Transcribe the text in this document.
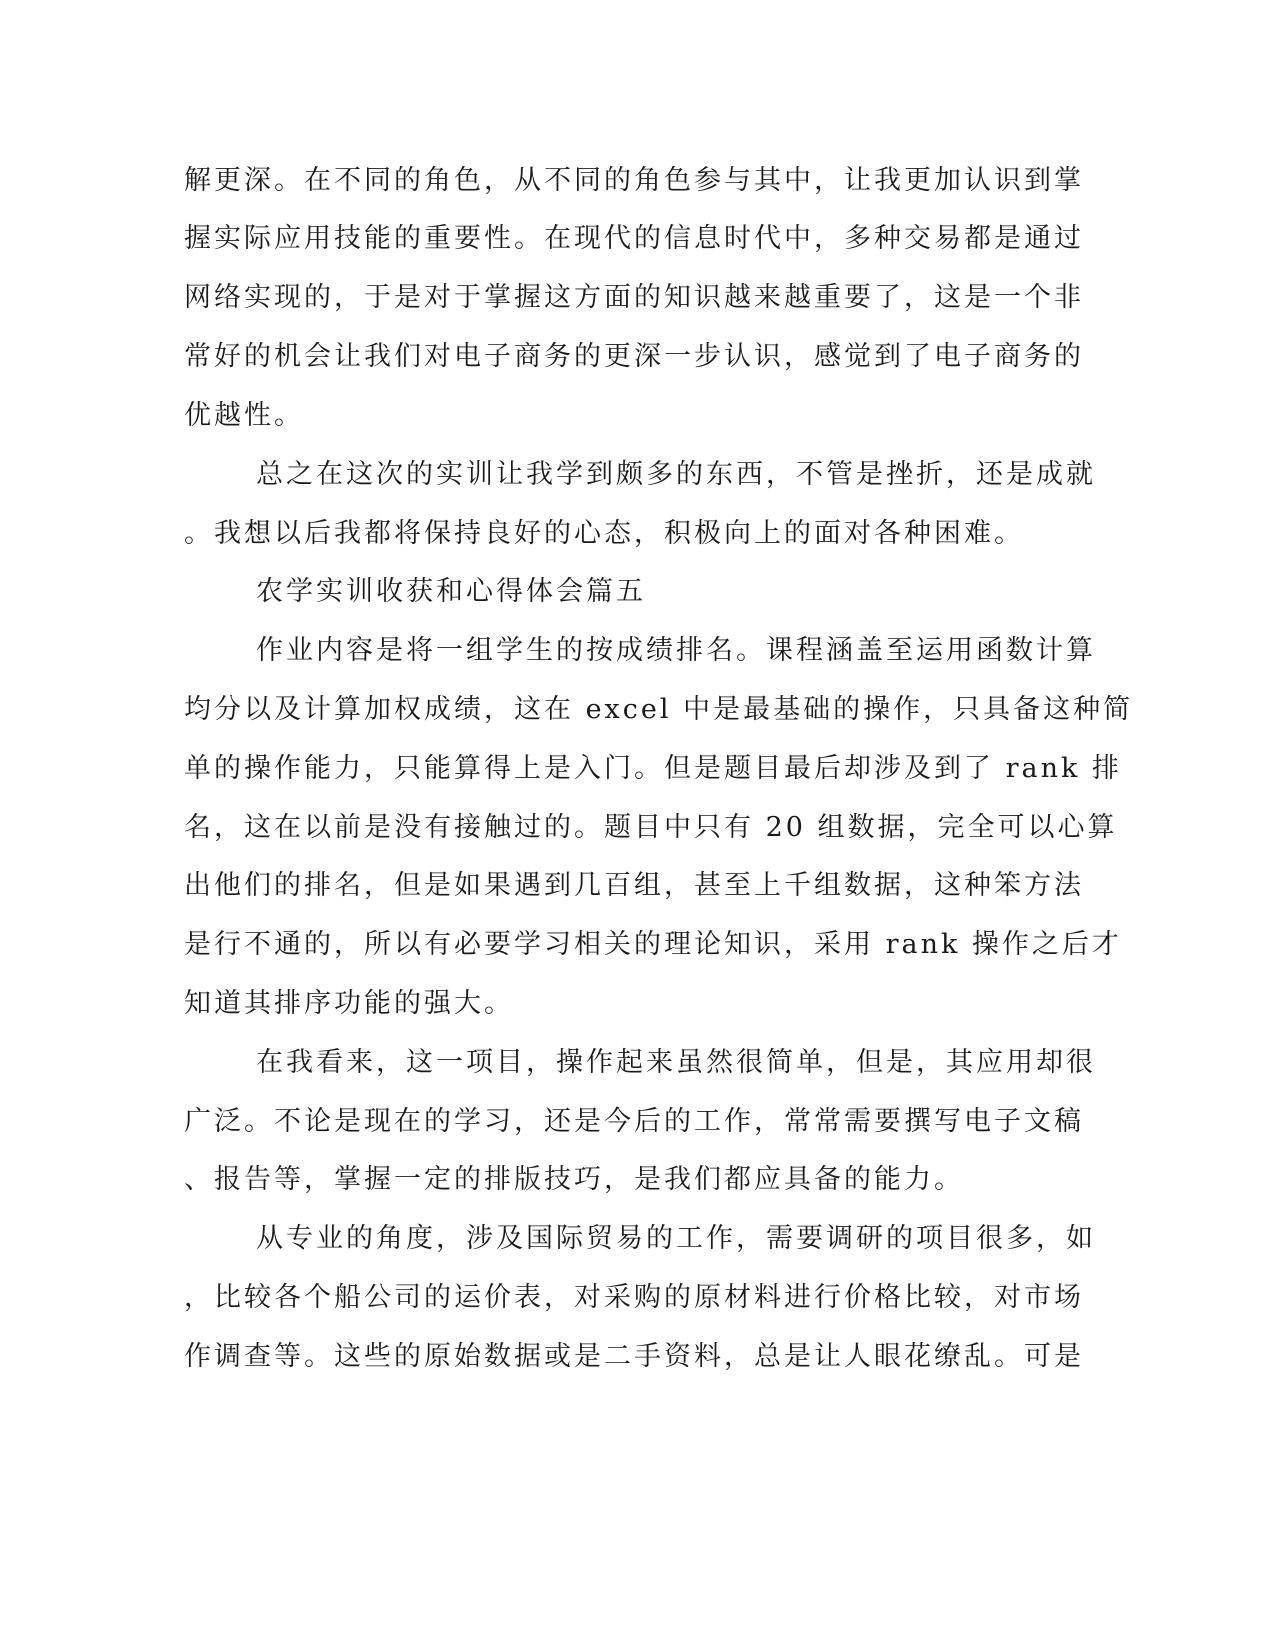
解更深。在不同的角色，从不同的角色参与其中，让我更加认识到掌
握实际应用技能的重要性。在现代的信息时代中，多种交易都是通过
网络实现的，于是对于掌握这方面的知识越来越重要了，这是一个非
常好的机会让我们对电子商务的更深一步认识，感觉到了电子商务的
优越性。
总之在这次的实训让我学到颇多的东西，不管是挫折，还是成就
。我想以后我都将保持良好的心态，积极向上的面对各种困难。
农学实训收获和心得体会篇五
作业内容是将一组学生的按成绩排名。课程涵盖至运用函数计算
均分以及计算加权成绩，这在 excel 中是最基础的操作，只具备这种简
单的操作能力，只能算得上是入门。但是题目最后却涉及到了 rank 排
名，这在以前是没有接触过的。题目中只有 20 组数据，完全可以心算
出他们的排名，但是如果遇到几百组，甚至上千组数据，这种笨方法
是行不通的，所以有必要学习相关的理论知识，采用 rank 操作之后才
知道其排序功能的强大。
在我看来，这一项目，操作起来虽然很简单，但是，其应用却很
广泛。不论是现在的学习，还是今后的工作，常常需要撰写电子文稿
、报告等，掌握一定的排版技巧，是我们都应具备的能力。
从专业的角度，涉及国际贸易的工作，需要调研的项目很多，如
，比较各个船公司的运价表，对采购的原材料进行价格比较，对市场
作调查等。这些的原始数据或是二手资料，总是让人眼花缭乱。可是
